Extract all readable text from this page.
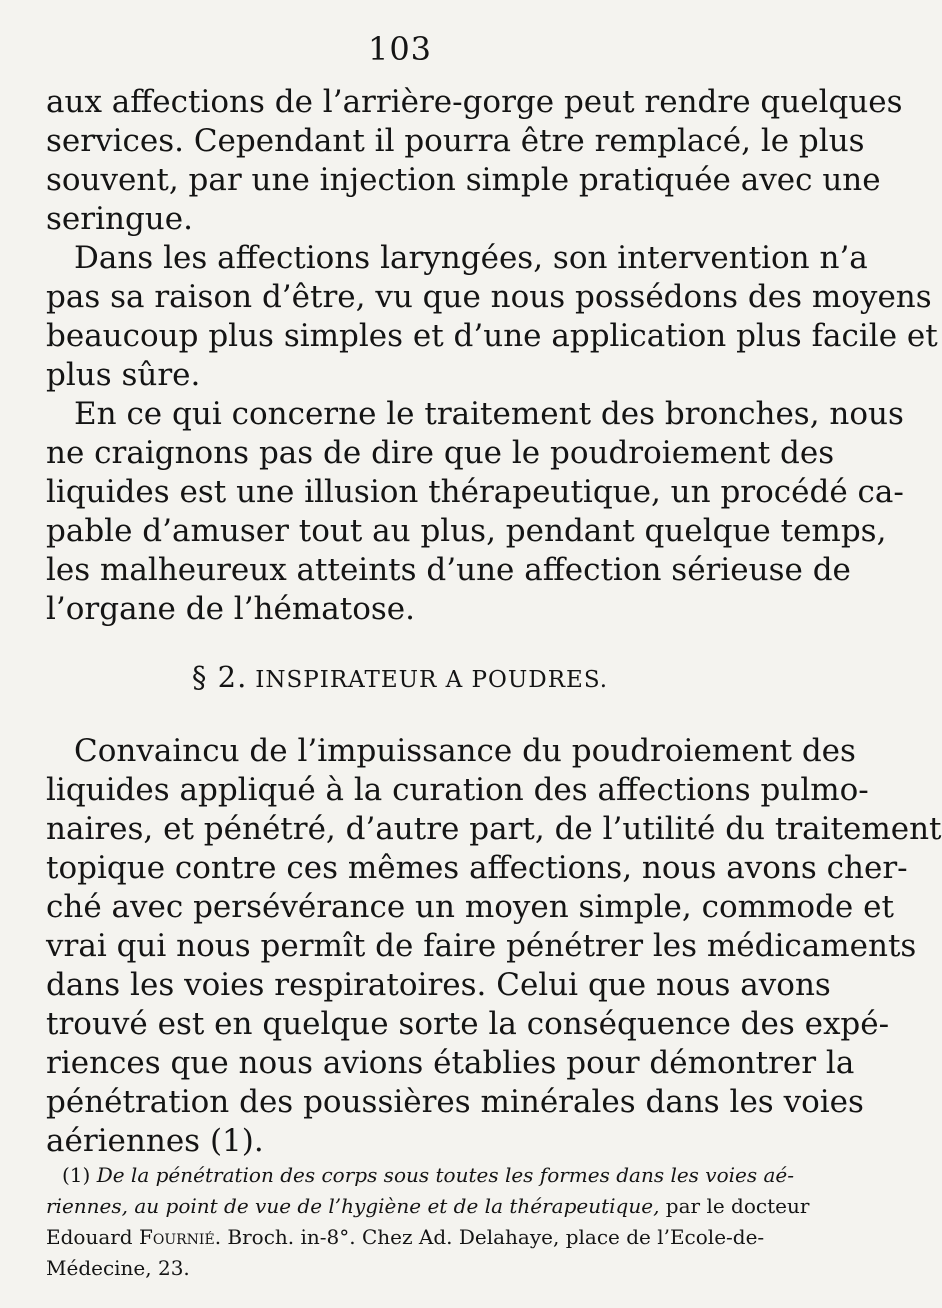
103
aux affections de l’arrière-gorge peut rendre quelques
services. Cependant il pourra être remplacé, le plus
souvent, par une injection simple pratiquée avec une
seringue.
Dans les affections laryngées, son intervention n’a
pas sa raison d’être, vu que nous possédons des moyens
beaucoup plus simples et d’une application plus facile et
plus sûre.
En ce qui concerne le traitement des bronches, nous
ne craignons pas de dire que le poudroiement des
liquides est une illusion thérapeutique, un procédé ca-
pable d’amuser tout au plus, pendant quelque temps,
les malheureux atteints d’une affection sérieuse de
l’organe de l’hématose.
§ 2. INSPIRATEUR A POUDRES.
Convaincu de l’impuissance du poudroiement des
liquides appliqué à la curation des affections pulmo-
naires, et pénétré, d’autre part, de l’utilité du traitement
topique contre ces mêmes affections, nous avons cher-
ché avec persévérance un moyen simple, commode et
vrai qui nous permît de faire pénétrer les médicaments
dans les voies respiratoires. Celui que nous avons
trouvé est en quelque sorte la conséquence des expé-
riences que nous avions établies pour démontrer la
pénétration des poussières minérales dans les voies
aériennes (1).
(1) De la pénétration des corps sous toutes les formes dans les voies aé-
riennes, au point de vue de l’hygiène et de la thérapeutique, par le docteur
Edouard Fournié. Broch. in-8°. Chez Ad. Delahaye, place de l’Ecole-de-
Médecine, 23.
